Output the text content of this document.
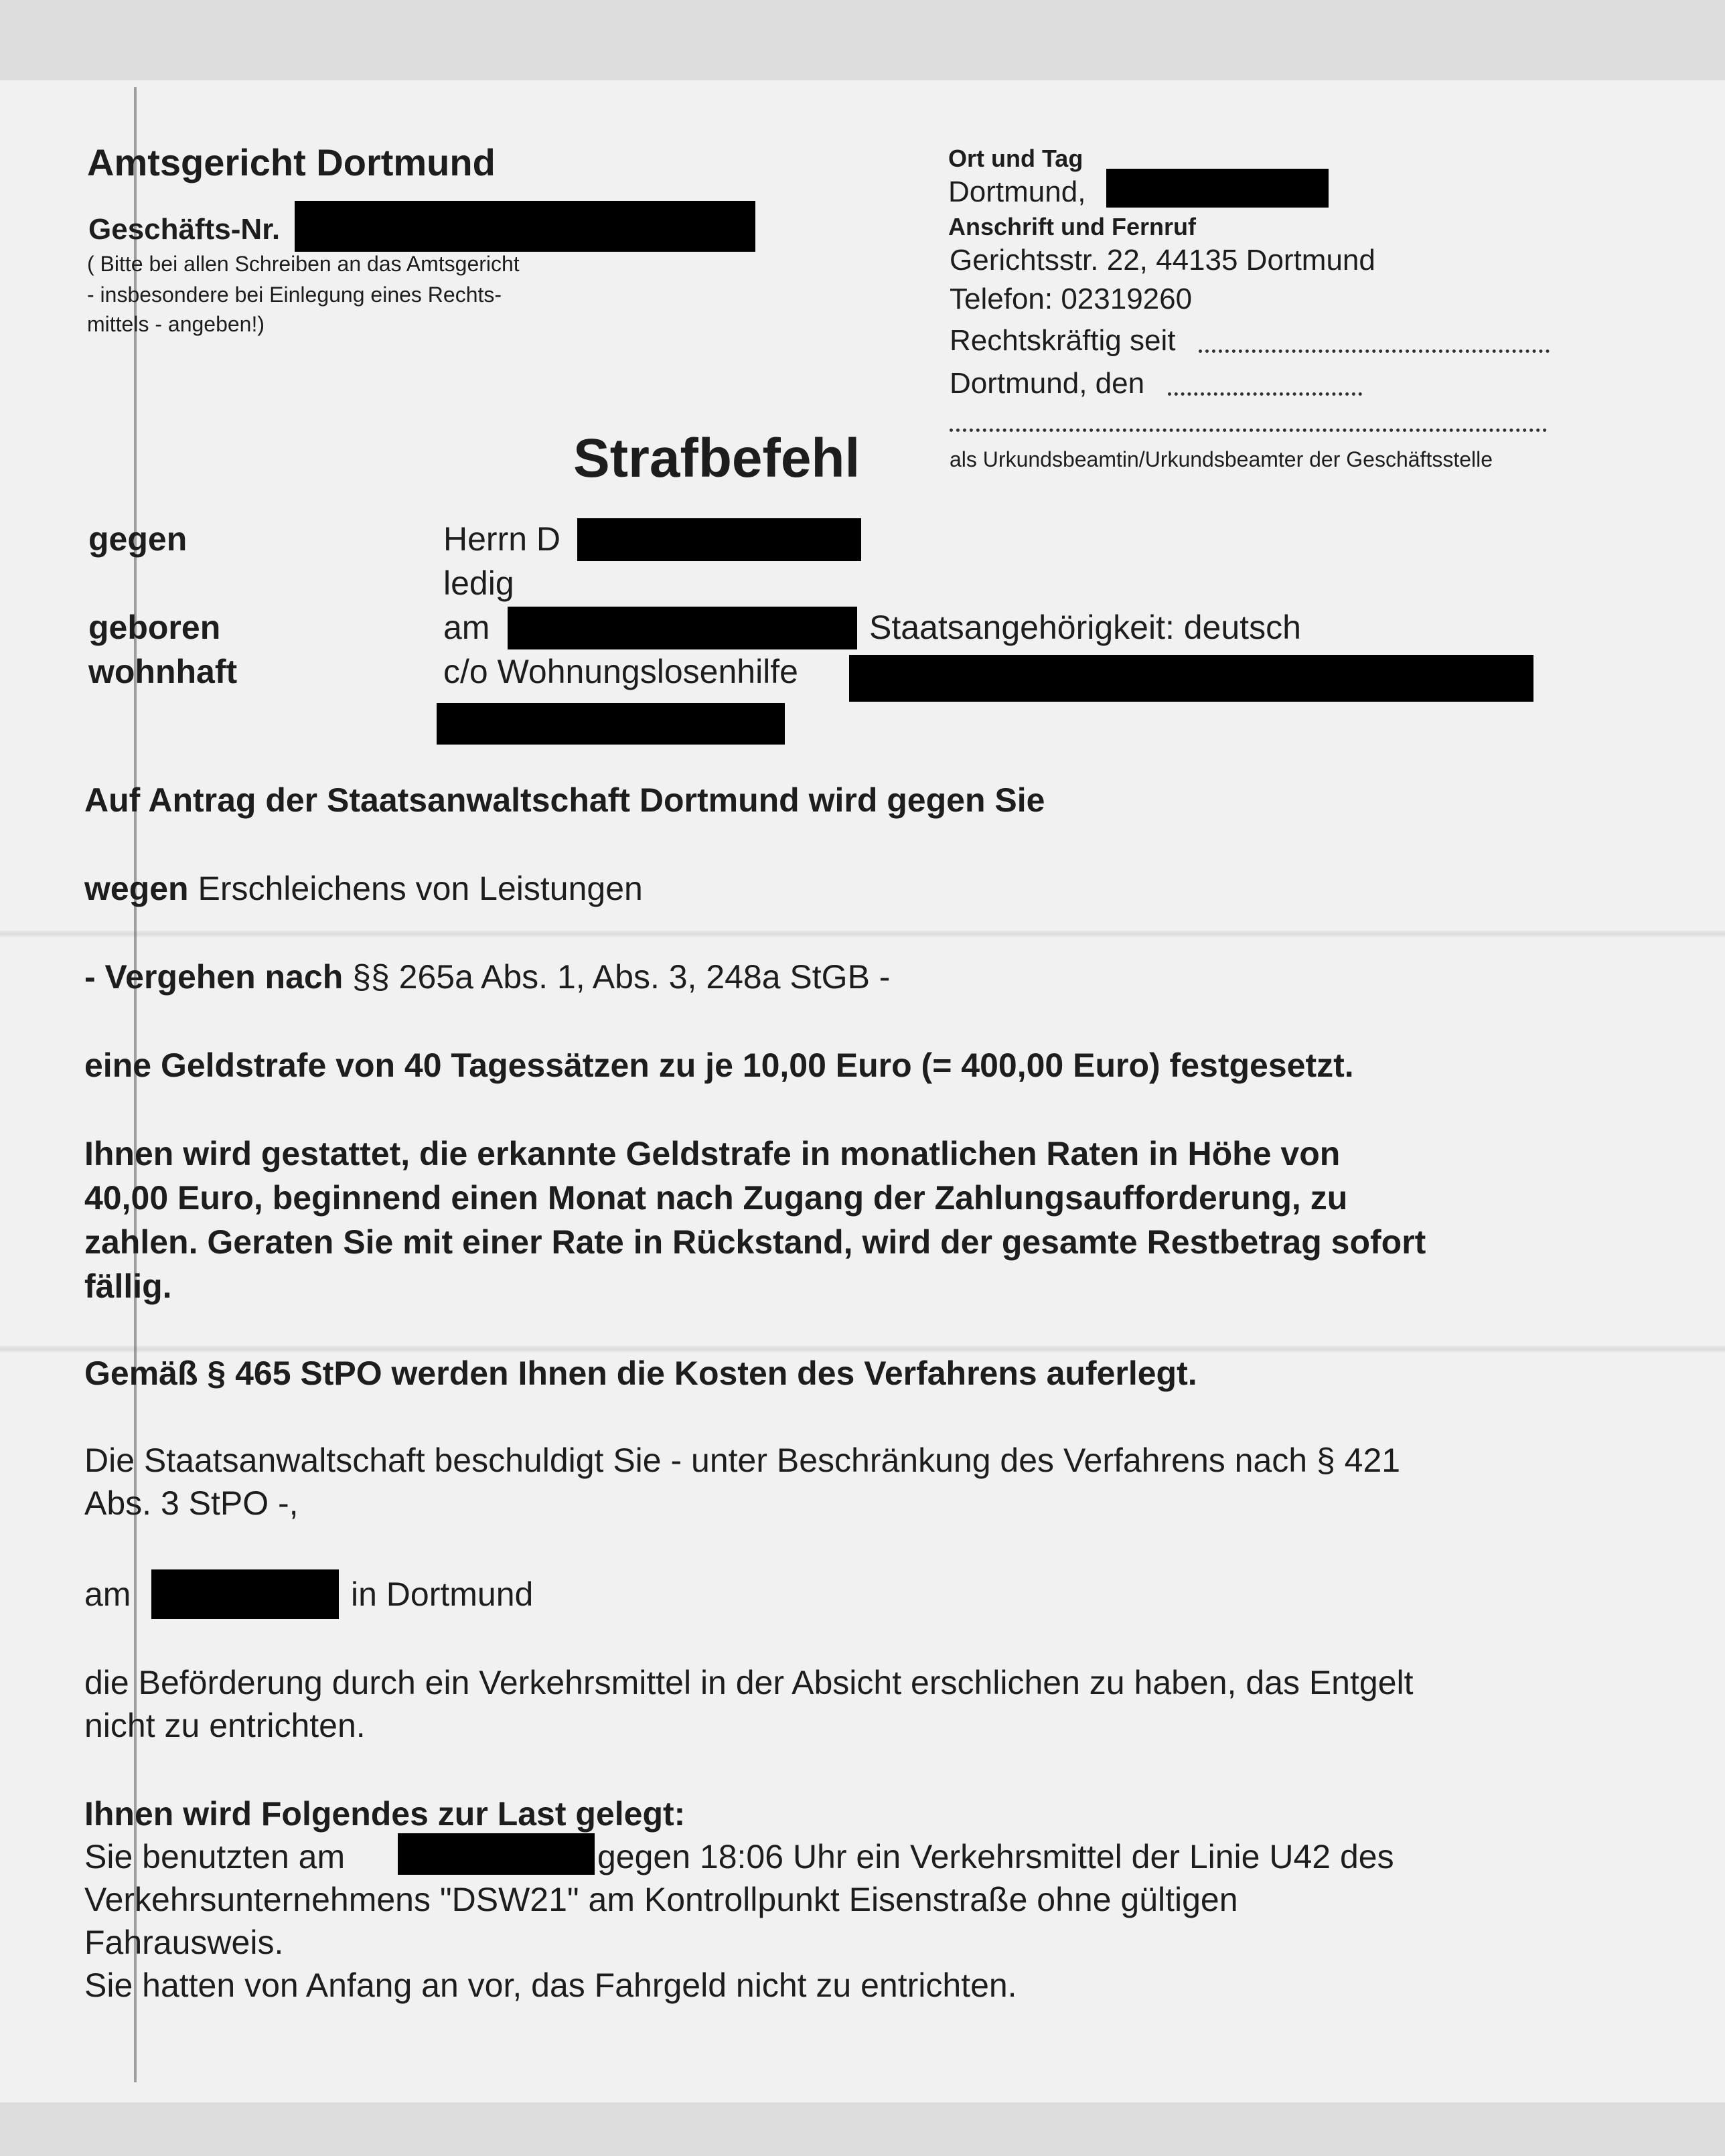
Amtsgericht Dortmund
Geschäfts-Nr.
( Bitte bei allen Schreiben an das Amtsgericht
- insbesondere bei Einlegung eines Rechts-
mittels - angeben!)
Ort und Tag
Dortmund,
Anschrift und Fernruf
Gerichtsstr. 22, 44135 Dortmund
Telefon: 02319260
Rechtskräftig seit
Dortmund, den
als Urkundsbeamtin/Urkundsbeamter der Geschäftsstelle
Strafbefehl
gegen	Herrn D
ledig
geboren	am	Staatsangehörigkeit: deutsch
wohnhaft	c/o Wohnungslosenhilfe
Auf Antrag der Staatsanwaltschaft Dortmund wird gegen Sie
wegen Erschleichens von Leistungen
- Vergehen nach §§ 265a Abs. 1, Abs. 3, 248a StGB -
eine Geldstrafe von 40 Tagessätzen zu je 10,00 Euro (= 400,00 Euro) festgesetzt.
Ihnen wird gestattet, die erkannte Geldstrafe in monatlichen Raten in Höhe von
40,00 Euro, beginnend einen Monat nach Zugang der Zahlungsaufforderung, zu
zahlen. Geraten Sie mit einer Rate in Rückstand, wird der gesamte Restbetrag sofort
fällig.
Gemäß § 465 StPO werden Ihnen die Kosten des Verfahrens auferlegt.
Die Staatsanwaltschaft beschuldigt Sie - unter Beschränkung des Verfahrens nach § 421
Abs. 3 StPO -,
am	in Dortmund
die Beförderung durch ein Verkehrsmittel in der Absicht erschlichen zu haben, das Entgelt
nicht zu entrichten.
Ihnen wird Folgendes zur Last gelegt:
Sie benutzten am	gegen 18:06 Uhr ein Verkehrsmittel der Linie U42 des
Verkehrsunternehmens "DSW21" am Kontrollpunkt Eisenstraße ohne gültigen
Fahrausweis.
Sie hatten von Anfang an vor, das Fahrgeld nicht zu entrichten.
